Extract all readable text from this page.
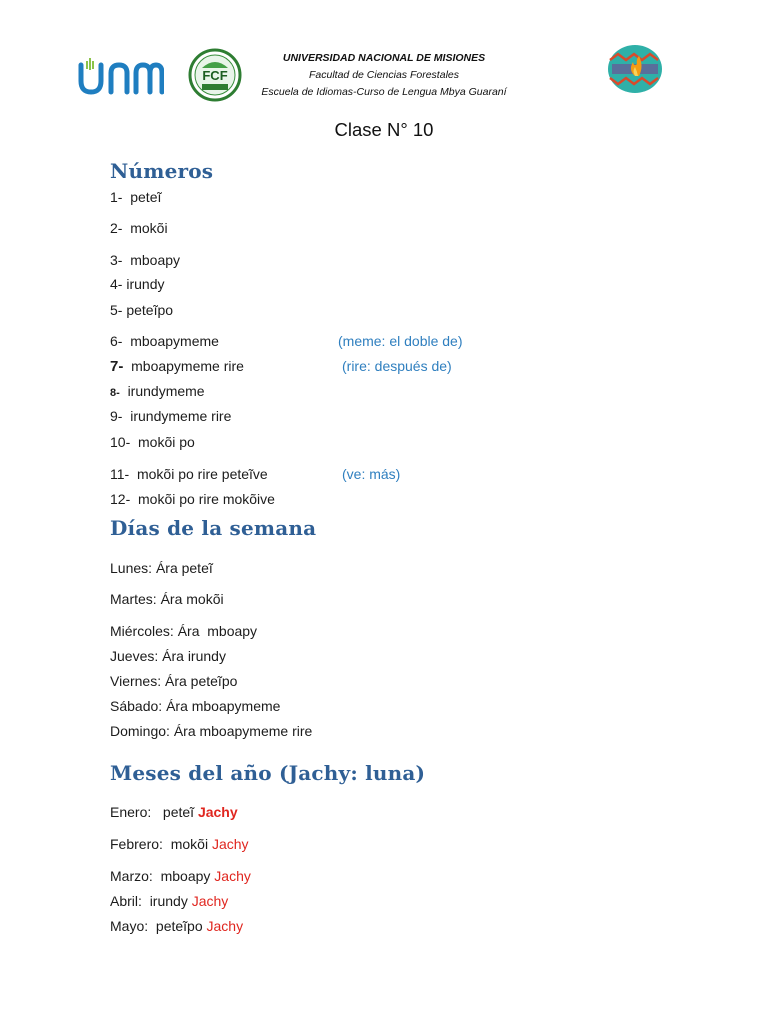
unm
FCF
UNIVERSIDAD NACIONAL DE MISIONES
Facultad de Ciencias Forestales
Escuela de Idiomas-Curso de Lengua Mbya Guaraní
Clase N° 10
Números
1- peteĩ
2- mokõi
3- mboapy
4- irundy
5- peteĩpo
6- mboapymeme	(meme: el doble de)
7- mboapymeme rire	(rire: después de)
8- irundymeme
9- irundymeme rire
10- mokõi po
11- mokõi po rire peteĩve	(ve: más)
12- mokõi po rire mokõive
Días de la semana
Lunes: Ára peteĩ
Martes: Ára mokõi
Miércoles: Ára  mboapy
Jueves: Ára irundy
Viernes: Ára peteĩpo
Sábado: Ára mboapymeme
Domingo: Ára mboapymeme rire
Meses del año (Jachy: luna)
Enero: peteĩ Jachy
Febrero: mokõi Jachy
Marzo: mboapy Jachy
Abril: irundy Jachy
Mayo: peteĩpo Jachy
